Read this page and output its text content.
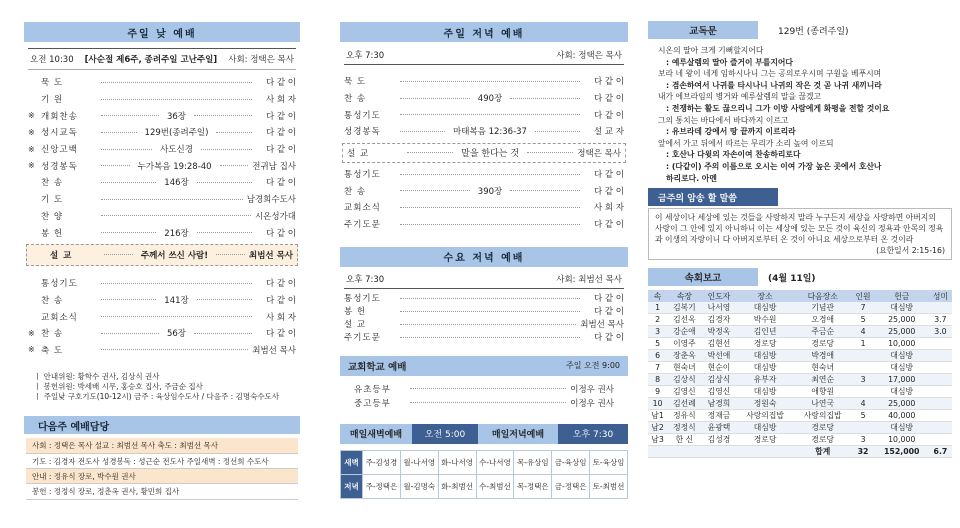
주일 낮 예배
오전 10:30 [사순절 제6주, 종려주일 고난주일] 사회: 정택은 목사
묵 도	다 같 이
기 원	사 회 자
※ 개회찬송	36장	다 같 이
※ 성시교독	129번(종려주일)	다 같 이
※ 신앙고백	사도신경	다 같 이
※ 성경봉독	누가복음 19:28-40	전귀남 집사
찬 송	146장	다 같 이
기 도	남경희수도사
찬 양	시온성가대
봉 헌	216장	다 같 이
설 교	주께서 쓰신 사람!	최범선 목사
통성기도	다 같 이
찬 송	141장	다 같 이
교회소식	사 회 자
※ 찬 송	56장	다 같 이
※ 축 도	최범선 목사
ㅣ 안내위원: 황학수 권사, 김상식 권사
ㅣ 봉헌위원: 박세배 시무, 홍승호 집사, 주금순 집사
ㅣ 주일낮 구호기도(10-12시) 금주 : 육상임수도사 / 다음주 : 김명숙수도사
다음주 예배담당
사회 : 정택은 목사 설교 : 최범선 목사 축도 : 최범선 목사
기도 : 김경자 전도사 성경봉독 : 성근순 전도사 주일새벽 : 정선희 수도사
안내 : 정유식 장로, 박수원 권사
봉헌 : 정정식 장로, 정춘옥 권사, 황민희 집사
주일 저녁 예배
오후 7:30	사회: 정택은 목사
묵 도	다 같 이
찬 송	490장	다 같 이
통성기도	다 같 이
성경봉독	마태복음 12:36-37	설 교 자
설 교	말을 한다는 것	정택은 목사
통성기도	다 같 이
찬 송	390장	다 같 이
교회소식	사 회 자
주기도문	다 같 이
수요 저녁 예배
오후 7:30	사회: 최범선 목사
통성기도	다 같 이
봉 헌	다 같 이
설 교	최범선 목사
주기도문	다 같 이
교회학교 예배	주일 오전 9:00
유초등부	이정우 권사
중고등부	이정우 권사
매일새벽예배	오전 5:00	매일저녁예배	오후 7:30
새벽	주-김성경	월-나서영	화-나서영	수-나서영	목-유상임	금-육상임	토-육상임
저녁	주-정택은	월-김명숙	화-최범선	수-최범선	목-정택은	금-정택은	토-최범선
교독문	129번 (종려주일)
시온의 딸아 크게 기뻐할지어다
: 예루살렘의 딸아 즐거이 부를지어다
보라 네 왕이 네게 임하시나니 그는 공의로우시며 구원을 베푸시며
: 겸손하여서 나귀를 타시나니 나귀의 작은 것 곧 나귀 새끼니라
내가 에브라임의 병거와 예루살렘의 말을 끊겠고
: 전쟁하는 활도 끊으리니 그가 이방 사람에게 화평을 전할 것이요
그의 통치는 바다에서 바다까지 이르고
: 유브라데 강에서 땅 끝까지 이르리라
앞에서 가고 뒤에서 따르는 무리가 소리 높여 이르되
: 호산나 다윗의 자손이여 찬송하리로다
: (다같이) 주의 이름으로 오시는 이여 가장 높은 곳에서 호산나
하리로다. 아멘
금주의 암송 할 말씀
이 세상이나 세상에 있는 것들을 사랑하지 말라 누구든지 세상을 사랑하면 아버지의 사랑이 그 안에 있지 아니하니 이는 세상에 있는 모든 것이 육신의 정욕과 안목의 정욕과 이생의 자랑이니 다 아버지로부터 온 것이 아니요 세상으로부터 온 것이라
(요한일서 2:15-16)
속회보고	(4월 11일)
속	속장	인도자	장소	다음장소	인원	헌금	성미
1	김복기	나서영	대심방	기념관	7	대심방	
2	김선옥	김경자	박수원	오경애	5	25,000	3.7
3	강순애	박정옥	김인년	주금순	4	25,000	3.0
5	이영주	김현선	경로당	경로당	1	10,000	
6	장춘옥	박선애	대심방	박경애		대심방	
7	현숙녀	현순이	대심방	현숙녀		대심방	
8	김상식	김상식	유부자	최연순	3	17,000	
9	김영신	김영신	대심방	애향원		대심방	
10	김선례	남경희	정원숙	나연국	4	25,000	
남1	정유식	정재금	사랑의집밥	사랑의집밥	5	40,000	
남2	정정식	윤광택	대심방	경로당		대심방	
남3	한 신	김성경	경로당	경로당	3	10,000	
				합계	32	152,000	6.7
